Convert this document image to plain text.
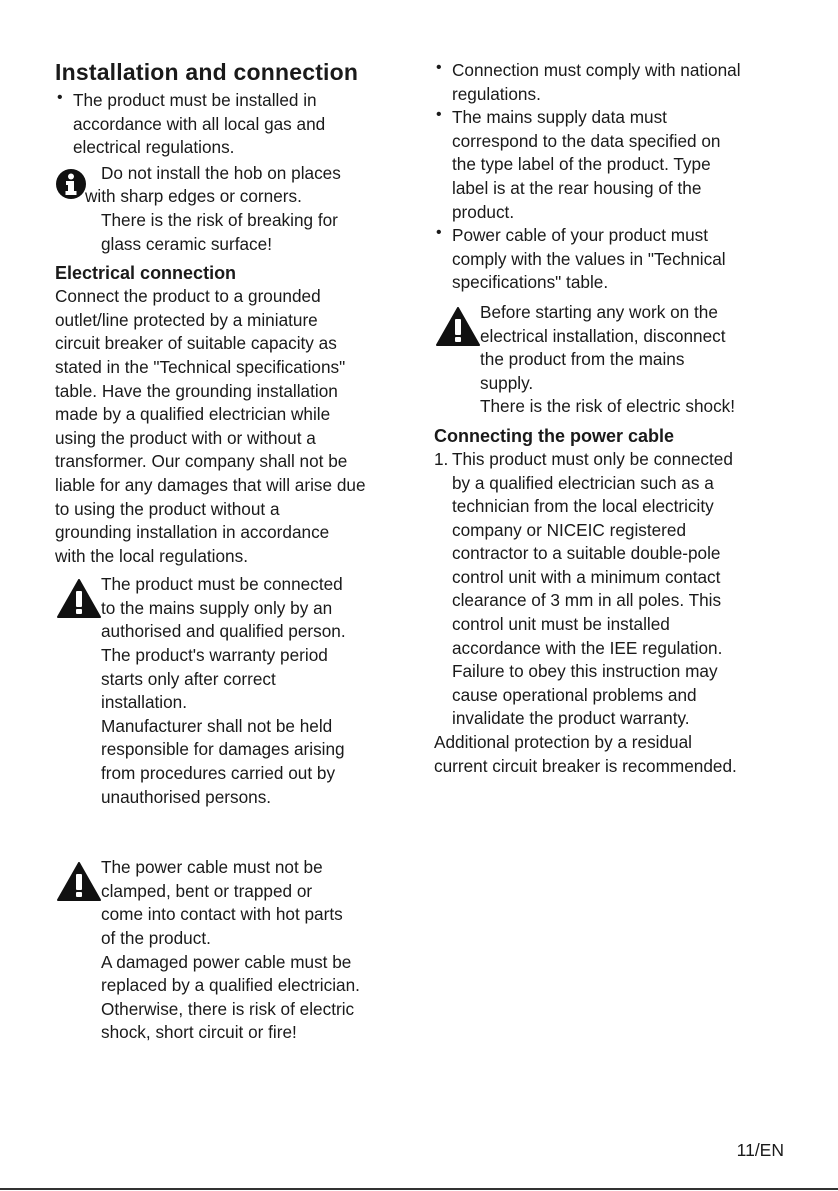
Installation and connection

• The product must be installed in

accordance with all local gas and

electrical regulations.

Do not install the hob on places

with sharp edges or corners.

There is the risk of breaking for

glass ceramic surface!

Electrical connection

Connect the product to a grounded

outlet/line protected by a miniature

circuit breaker of suitable capacity as

stated in the "Technical specifications"

table. Have the grounding installation

made by a qualified electrician while

using the product with or without a

transformer. Our company shall not be

liable for any damages that will arise due

to using the product without a

grounding installation in accordance

with the local regulations.

The product must be connected

to the mains supply only by an

authorised and qualified person.

The product's warranty period

starts only after correct

installation.

Manufacturer shall not be held

responsible for damages arising

from procedures carried out by

unauthorised persons.

The power cable must not be

clamped, bent or trapped or

come into contact with hot parts

of the product.

A damaged power cable must be

replaced by a qualified electrician.

Otherwise, there is risk of electric

shock, short circuit or fire!

• Connection must comply with national

regulations.

• The mains supply data must

correspond to the data specified on

the type label of the product. Type

label is at the rear housing of the

product.

• Power cable of your product must

comply with the values in "Technical

specifications" table.

Before starting any work on the

electrical installation, disconnect

the product from the mains

supply.

There is the risk of electric shock!

Connecting the power cable
1. This product must only be connected

by a qualified electrician such as a

technician from the local electricity

company or NICEIC registered

contractor to a suitable double-pole

control unit with a minimum contact

clearance of 3 mm in all poles. This

control unit must be installed

accordance with the IEE regulation.

Failure to obey this instruction may

cause operational problems and

invalidate the product warranty.

Additional protection by a residual

current circuit breaker is recommended.

11/EN
